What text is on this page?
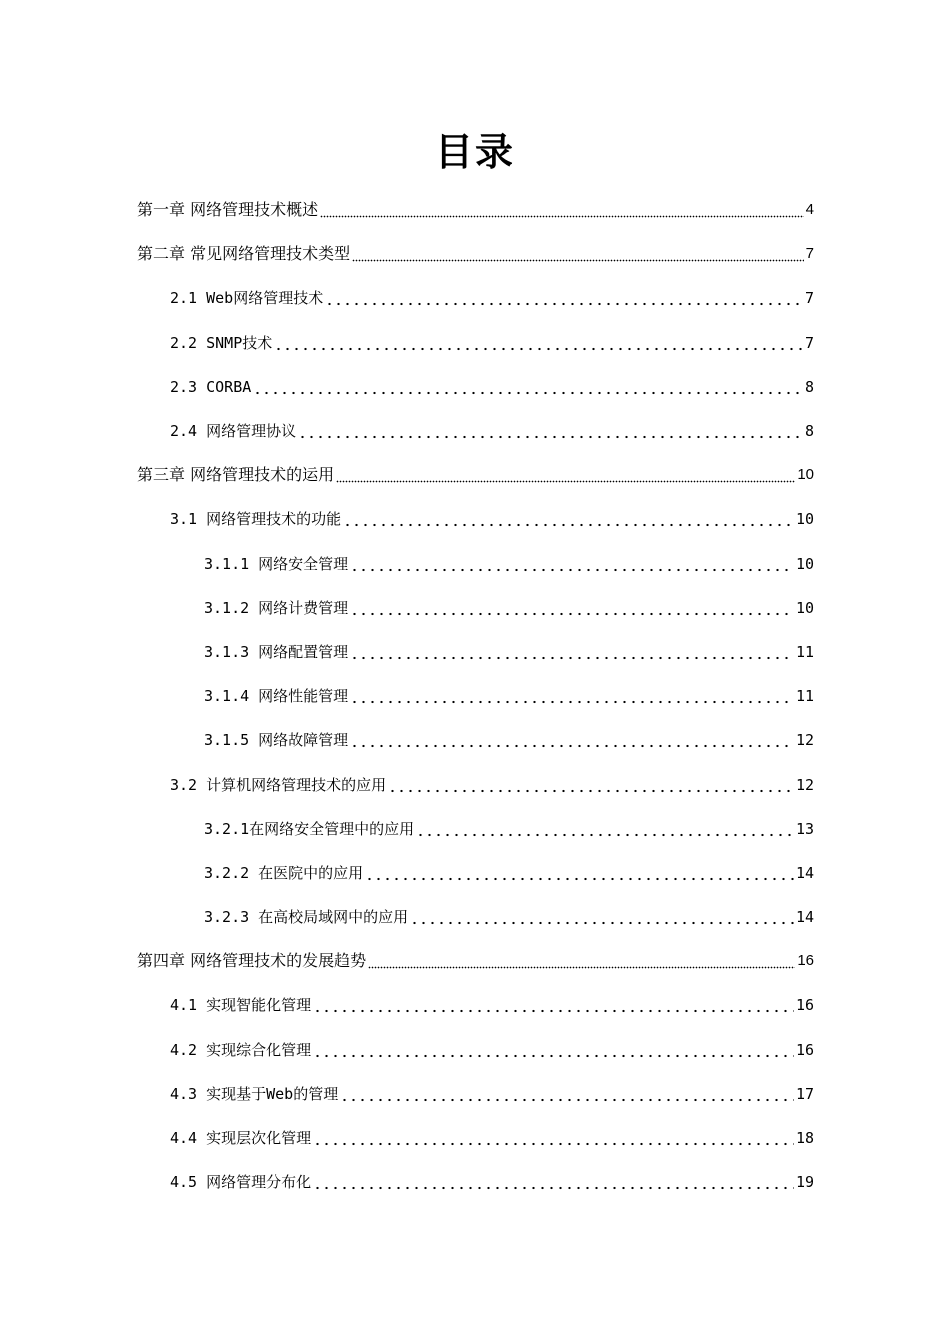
目录
第一章 网络管理技术概述	4
第二章 常见网络管理技术类型	7
2.1 Web网络管理技术	7
2.2 SNMP技术	7
2.3 CORBA	8
2.4 网络管理协议	8
第三章 网络管理技术的运用	10
3.1 网络管理技术的功能	10
3.1.1 网络安全管理	10
3.1.2 网络计费管理	10
3.1.3 网络配置管理	11
3.1.4 网络性能管理	11
3.1.5 网络故障管理	12
3.2 计算机网络管理技术的应用	12
3.2.1在网络安全管理中的应用	13
3.2.2 在医院中的应用	14
3.2.3 在高校局域网中的应用	14
第四章 网络管理技术的发展趋势	16
4.1 实现智能化管理	16
4.2 实现综合化管理	16
4.3 实现基于Web的管理	17
4.4 实现层次化管理	18
4.5 网络管理分布化	19
